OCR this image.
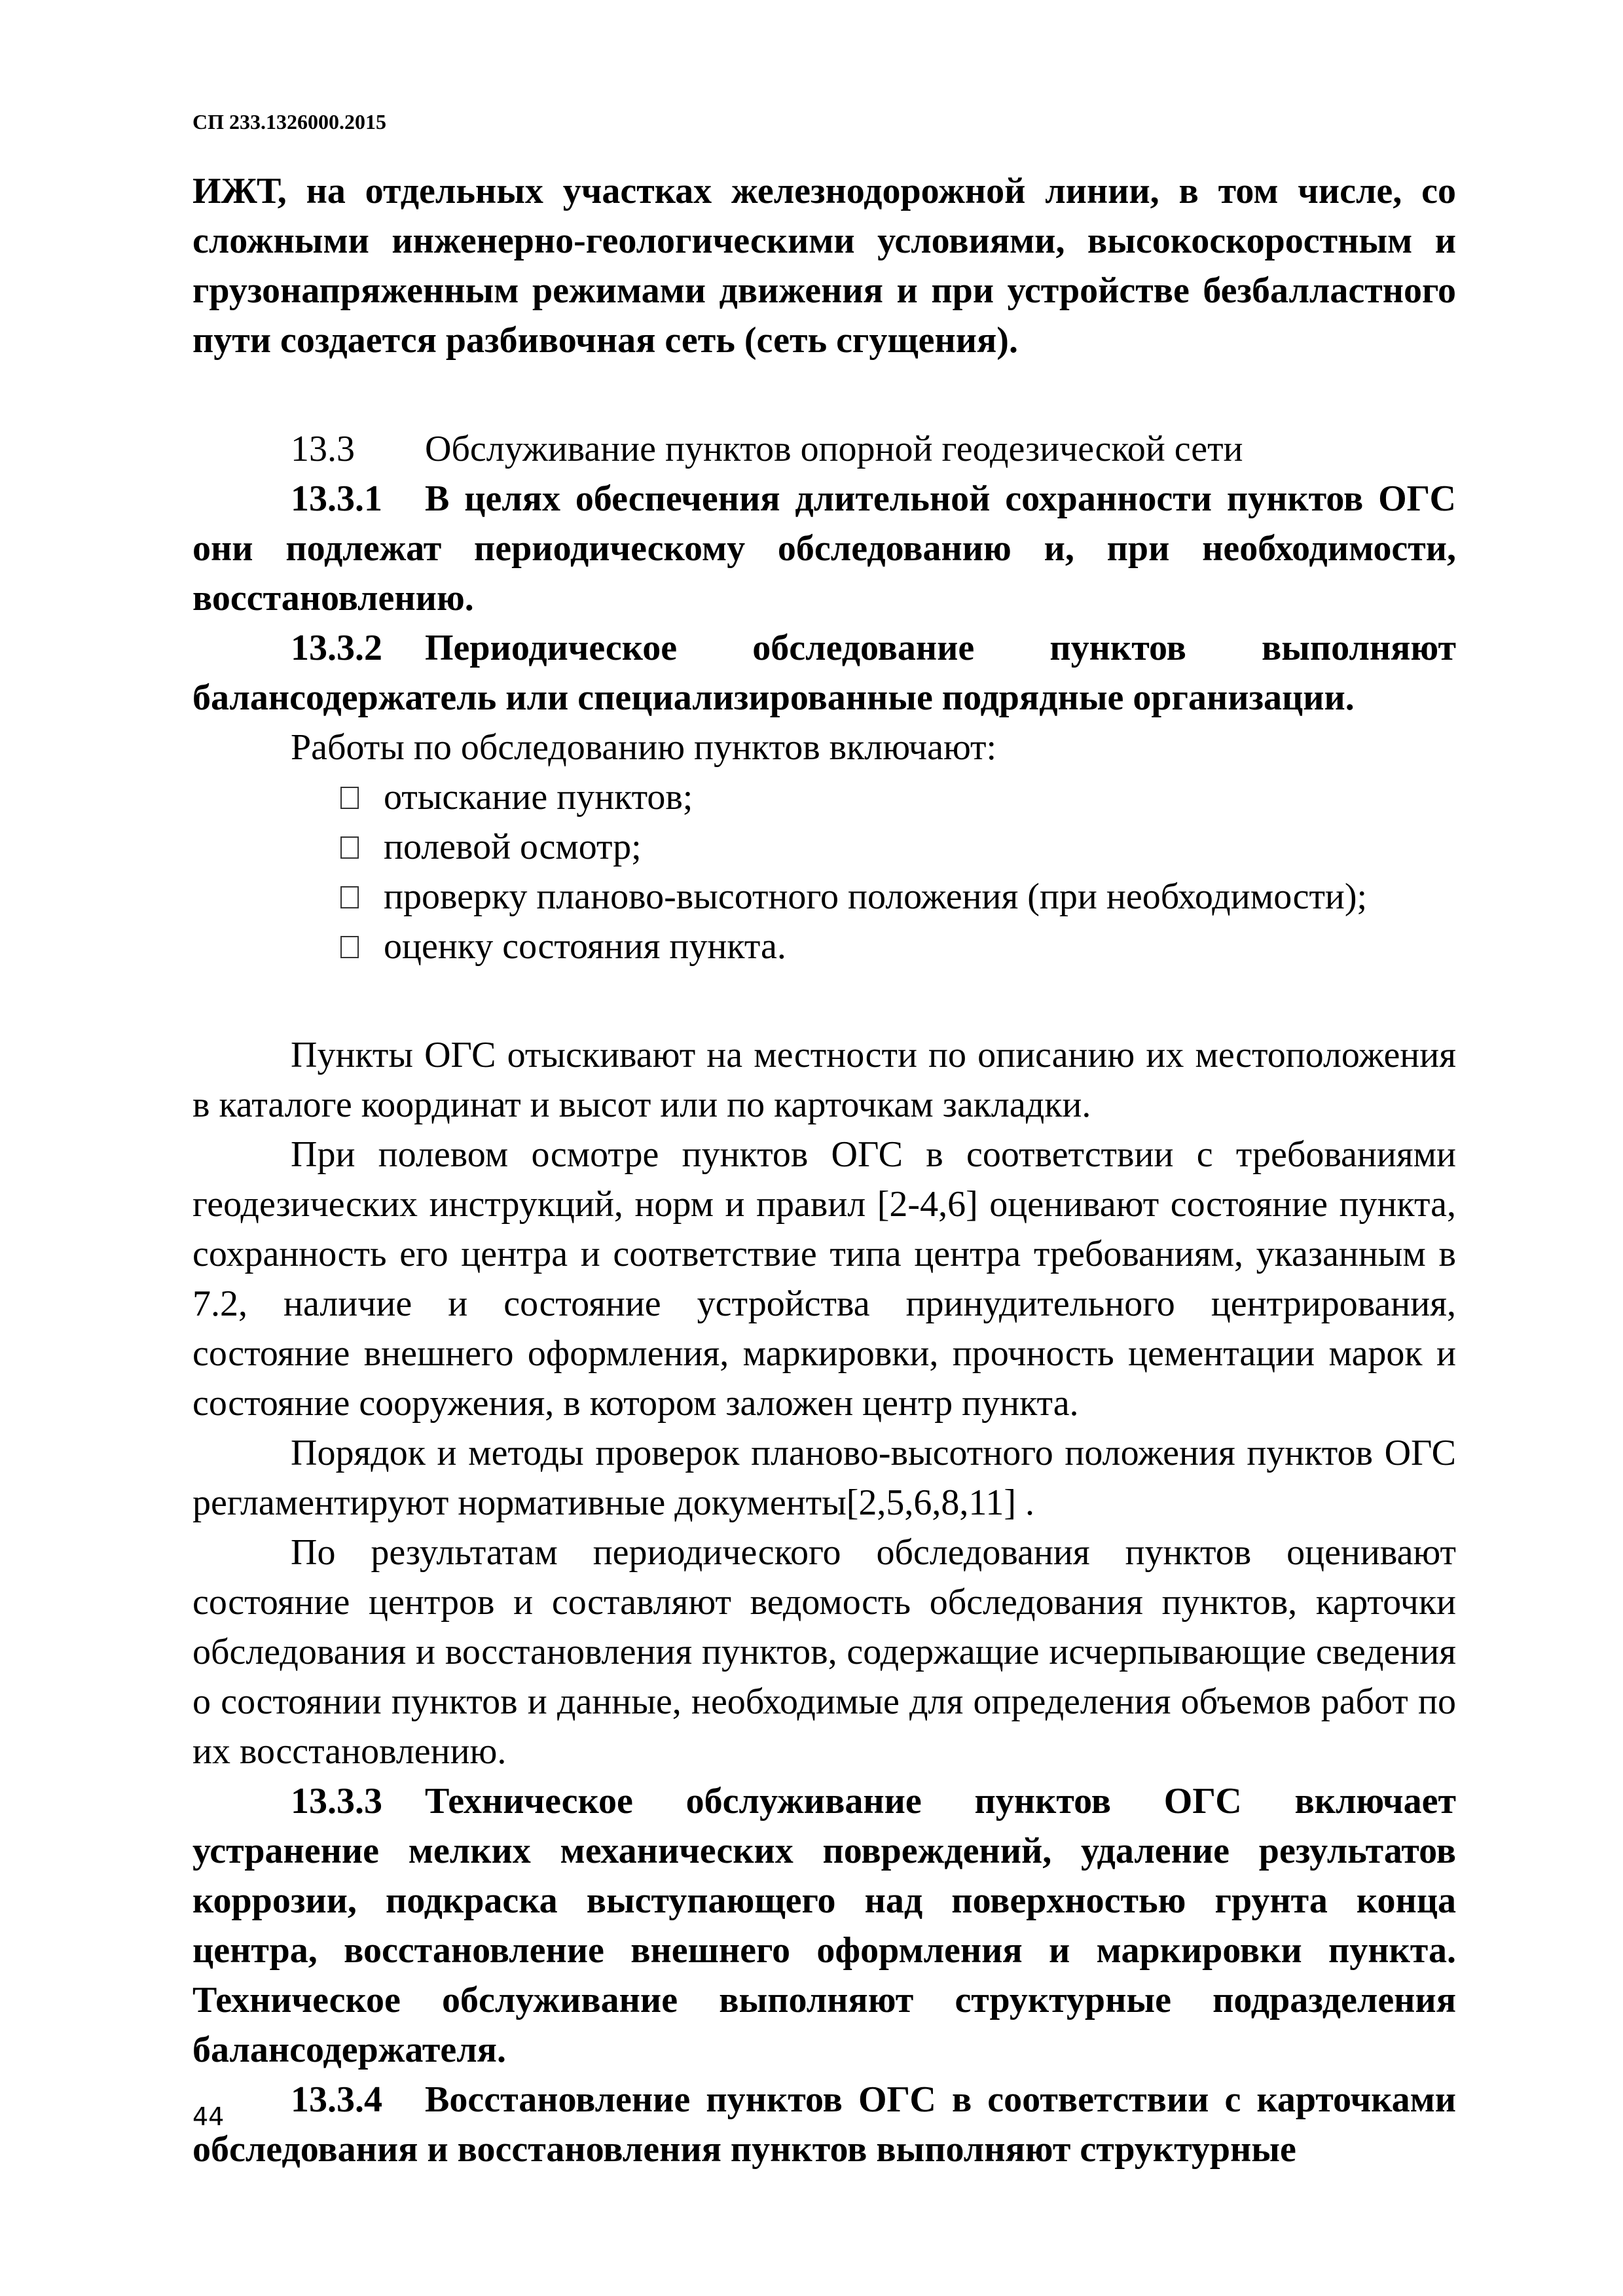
СП 233.1326000.2015

ИЖТ, на отдельных участках железнодорожной линии, в том числе, со сложными инженерно-геологическими условиями, высокоскоростным и грузонапряженным режимами движения и при устройстве безбалластного пути создается разбивочная сеть (сеть сгущения).

13.3 Обслуживание пунктов опорной геодезической сети

13.3.1 В целях обеспечения длительной сохранности пунктов ОГС они подлежат периодическому обследованию и, при необходимости, восстановлению.

13.3.2 Периодическое обследование пунктов выполняют балансодержатель или специализированные подрядные организации.

Работы по обследованию пунктов включают:

отыскание пунктов;
полевой осмотр;
проверку планово-высотного положения (при необходимости);
оценку состояния пункта.

Пункты ОГС отыскивают на местности по описанию их местоположения в каталоге координат и высот или по карточкам закладки.

При полевом осмотре пунктов ОГС в соответствии с требованиями геодезических инструкций, норм и правил [2-4,6] оценивают состояние пункта, сохранность его центра и соответствие типа центра требованиям, указанным в 7.2, наличие и состояние устройства принудительного центрирования, состояние внешнего оформления, маркировки, прочность цементации марок и состояние сооружения, в котором заложен центр пункта.

Порядок и методы проверок планово-высотного положения пунктов ОГС регламентируют нормативные документы[2,5,6,8,11] .

По результатам периодического обследования пунктов оценивают состояние центров и составляют ведомость обследования пунктов, карточки обследования и восстановления пунктов, содержащие исчерпывающие сведения о состоянии пунктов и данные, необходимые для определения объемов работ по их восстановлению.

13.3.3 Техническое обслуживание пунктов ОГС включает устранение мелких механических повреждений, удаление результатов коррозии, подкраска выступающего над поверхностью грунта конца центра, восстановление внешнего оформления и маркировки пункта. Техническое обслуживание выполняют структурные подразделения балансодержателя.

13.3.4 Восстановление пунктов ОГС в соответствии с карточками обследования и восстановления пунктов выполняют структурные

44
